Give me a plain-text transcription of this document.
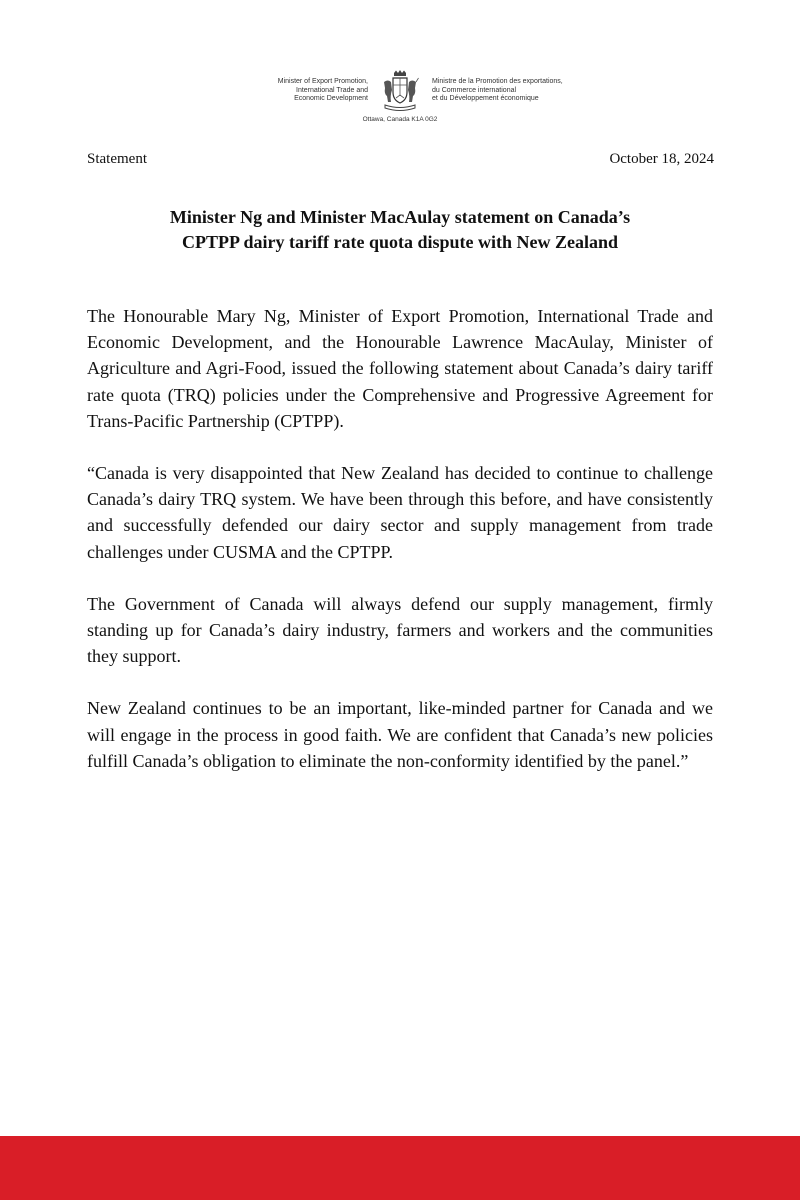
Minister of Export Promotion,
International Trade and
Economic Development
Ministre de la Promotion des exportations,
du Commerce international
et du Développement économique
Ottawa, Canada K1A 0G2
Statement	October 18, 2024
Minister Ng and Minister MacAulay statement on Canada’s
CPTPP dairy tariff rate quota dispute with New Zealand

The Honourable Mary Ng, Minister of Export Promotion, International Trade and Economic Development, and the Honourable Lawrence MacAulay, Minister of Agriculture and Agri-Food, issued the following statement about Canada’s dairy tariff rate quota (TRQ) policies under the Comprehensive and Progressive Agreement for Trans-Pacific Partnership (CPTPP).

“Canada is very disappointed that New Zealand has decided to continue to challenge Canada’s dairy TRQ system. We have been through this before, and have consistently and successfully defended our dairy sector and supply management from trade challenges under CUSMA and the CPTPP.

The Government of Canada will always defend our supply management, firmly standing up for Canada’s dairy industry, farmers and workers and the communities they support.

New Zealand continues to be an important, like-minded partner for Canada and we will engage in the process in good faith. We are confident that Canada’s new policies fulfill Canada’s obligation to eliminate the non-conformity identified by the panel.”
